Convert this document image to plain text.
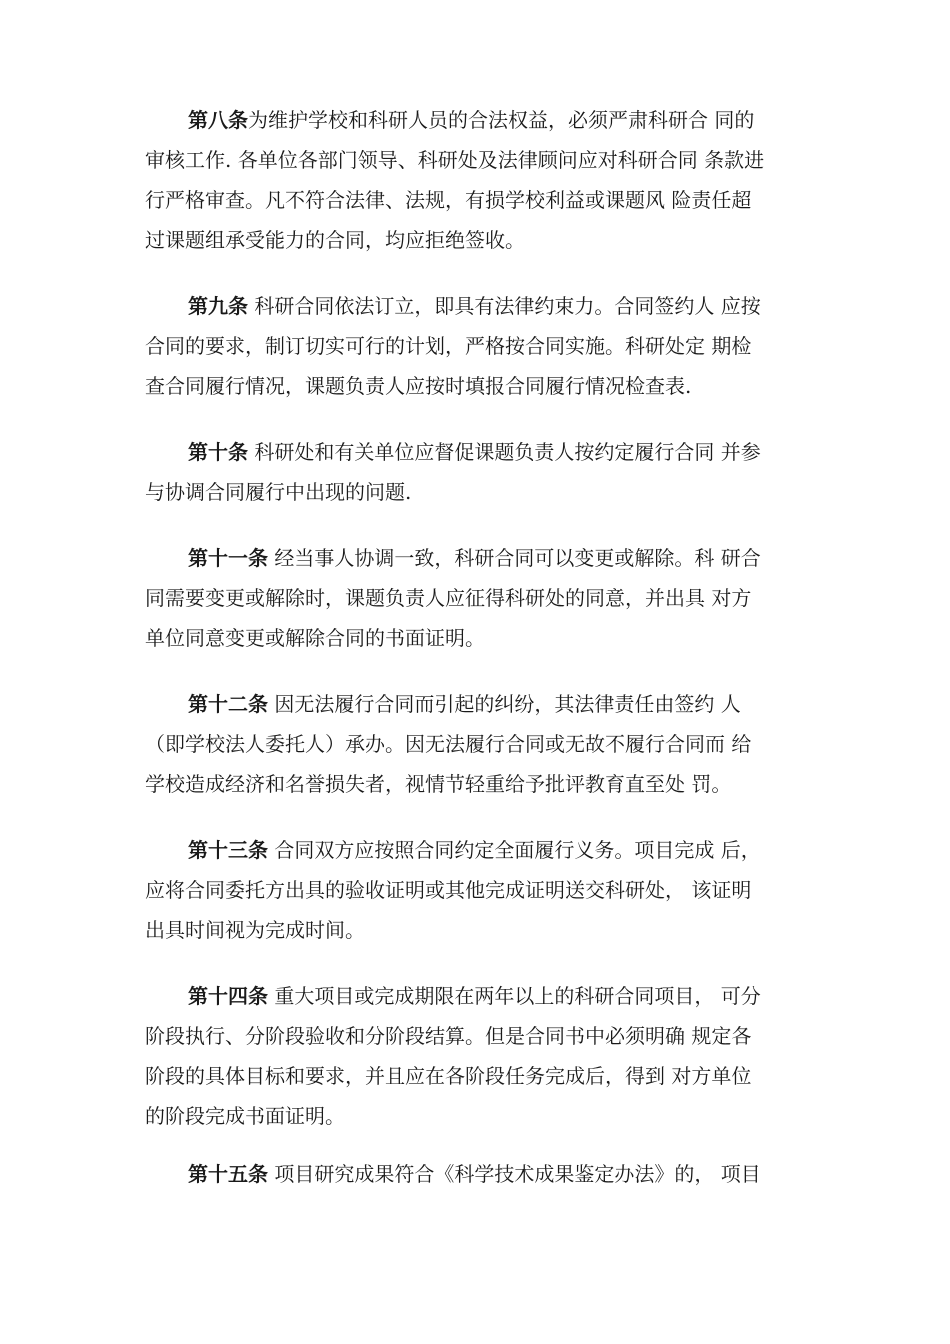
第八条为维护学校和科研人员的合法权益，必须严肃科研合 同的
审核工作. 各单位各部门领导、科研处及法律顾问应对科研合同 条款进
行严格审查。凡不符合法律、法规，有损学校利益或课题风 险责任超
过课题组承受能力的合同，均应拒绝签收。
第九条 科研合同依法订立，即具有法律约束力。合同签约人 应按
合同的要求，制订切实可行的计划，严格按合同实施。科研处定 期检
查合同履行情况，课题负责人应按时填报合同履行情况检查表.
第十条 科研处和有关单位应督促课题负责人按约定履行合同 并参
与协调合同履行中出现的问题.
第十一条 经当事人协调一致，科研合同可以变更或解除。科 研合
同需要变更或解除时，课题负责人应征得科研处的同意，并出具 对方
单位同意变更或解除合同的书面证明。
第十二条 因无法履行合同而引起的纠纷，其法律责任由签约 人
（即学校法人委托人）承办。因无法履行合同或无故不履行合同而 给
学校造成经济和名誉损失者，视情节轻重给予批评教育直至处 罚。
第十三条 合同双方应按照合同约定全面履行义务。项目完成 后，
应将合同委托方出具的验收证明或其他完成证明送交科研处， 该证明
出具时间视为完成时间。
第十四条 重大项目或完成期限在两年以上的科研合同项目， 可分
阶段执行、分阶段验收和分阶段结算。但是合同书中必须明确 规定各
阶段的具体目标和要求，并且应在各阶段任务完成后，得到 对方单位
的阶段完成书面证明。
第十五条 项目研究成果符合《科学技术成果鉴定办法》的， 项目
